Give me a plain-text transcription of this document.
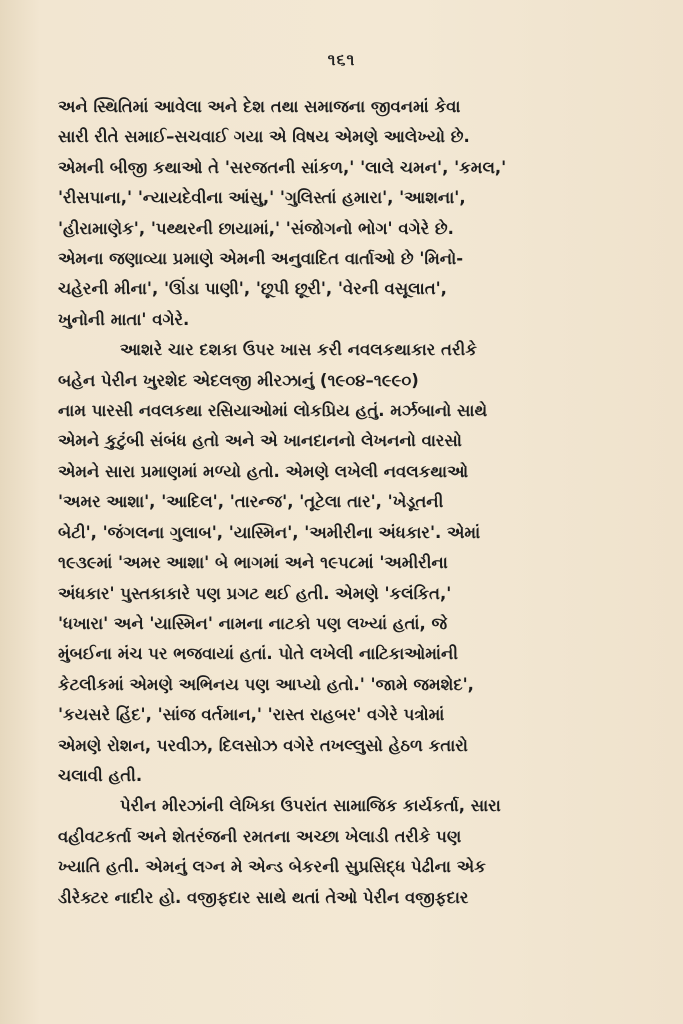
૧૬૧
અને સ્થિતિમાં આવેલા અને દેશ તથા સમાજના જીવનમાં કેવા
સારી રીતે સમાઈ–સચવાઈ ગયા એ વિષય એમણે આલેખ્યો છે.
એમની બીજી કથાઓ તે 'સરજતની સાંકળ,' 'લાલે ચમન', 'કમલ,'
'રીસપાના,' 'ન્યાયદેવીના આંસુ,' 'ગુલિસ્તાં હમારા', 'આશના',
'હીરામાણેક', 'પથ્થરની છાયામાં,' 'સંજોગનો ભોગ' વગેરે છે.
એમના જણાવ્યા પ્રમાણે એમની અનુવાદિત વાર્તાઓ છે 'મિનો-
ચહેરની મીના', 'ઊંડા પાણી', 'છૂપી છૂરી', 'વેરની વસૂલાત',
ખુનોની માતા' વગેરે.
આશરે ચાર દશકા ઉપર ખાસ કરી નવલકથાકાર તરીકે
બહેન પેરીન ખુરશેદ એદલજી મીરઝાનું (૧૯૦૪–૧૯૯૦)
નામ પારસી નવલકથા રસિયાઓમાં લોકપ્રિય હતું. મર્ઝબાનો સાથે
એમને કુટુંબી સંબંધ હતો અને એ ખાનદાનનો લેખનનો વારસો
એમને સારા પ્રમાણમાં મળ્યો હતો. એમણે લખેલી નવલકથાઓ
'અમર આશા', 'આદિલ', 'તારન્જ', 'તૂટેલા તાર', 'ખેડૂતની
બેટી', 'જંગલના ગુલાબ', 'યાસ્મિન', 'અમીરીના અંધકાર'. એમાં
૧૯૩૯માં 'અમર આશા' બે ભાગમાં અને ૧૯૫૮માં 'અમીરીના
અંધકાર' પુસ્તકાકારે પણ પ્રગટ થઈ હતી. એમણે 'કલંકિત,'
'ધખારા' અને 'યાસ્મિન' નામના નાટકો પણ લખ્યાં હતાં, જે
મુંબઈના મંચ પર ભજવાયાં હતાં. પોતે લખેલી નાટિકાઓમાંની
કેટલીકમાં એમણે અભિનય પણ આપ્યો હતો.' 'જામે જમશેદ',
'કયસરે હિંદ', 'સાંજ વર્તમાન,' 'રાસ્ત રાહબર' વગેરે પત્રોમાં
એમણે રોશન, પરવીઝ, દિલસોઝ વગેરે તખલ્લુસો હેઠળ કતારો
ચલાવી હતી.
પેરીન મીરઝાંની લેખિકા ઉપરાંત સામાજિક કાર્યકર્તા, સારા
વહીવટકર્તા અને શેતરંજની રમતના અચ્છા ખેલાડી તરીકે પણ
ખ્યાતિ હતી. એમનું લગ્ન મે એન્ડ બેકરની સુપ્રસિદ્ધ પેઢીના એક
ડીરેક્ટર નાદીર હો. વજીફદાર સાથે થતાં તેઓ પેરીન વજીફદાર
